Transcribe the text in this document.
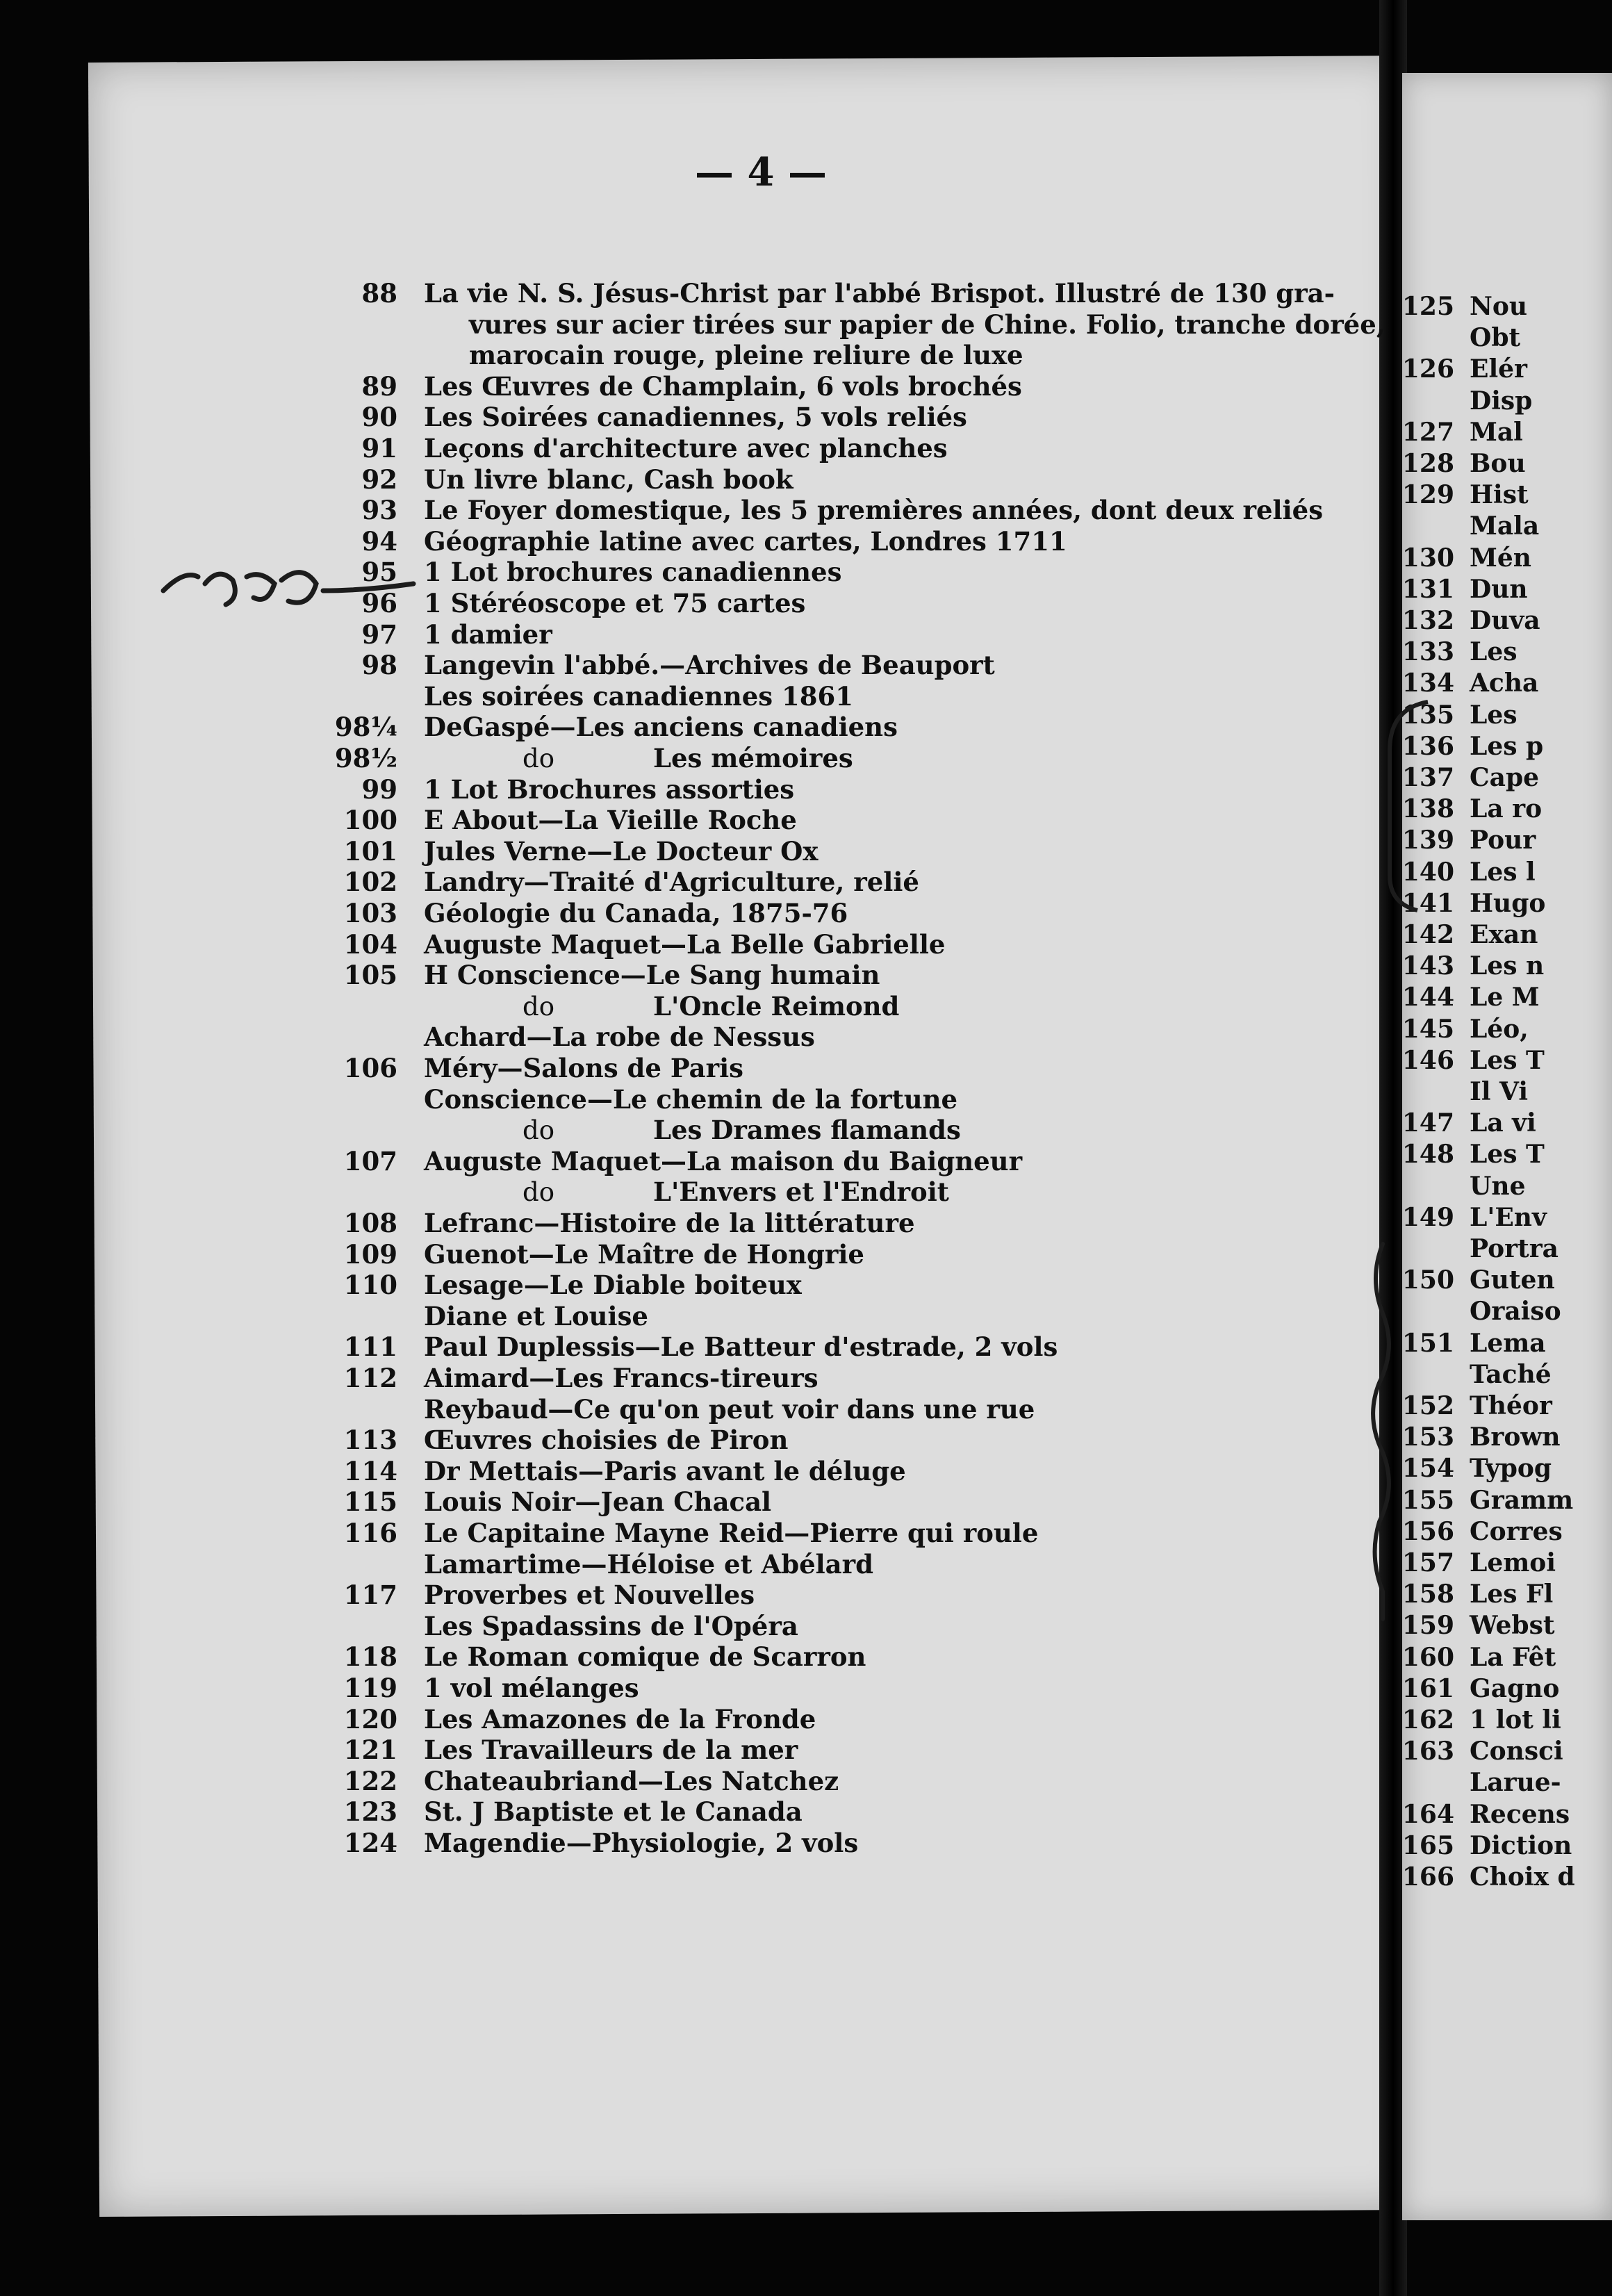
— 4 —
88 La vie N. S. Jésus-Christ par l'abbé Brispot. Illustré de 130 gra-
vures sur acier tirées sur papier de Chine. Folio, tranche dorée,
marocain rouge, pleine reliure de luxe
89 Les Œuvres de Champlain, 6 vols brochés
90 Les Soirées canadiennes, 5 vols reliés
91 Leçons d'architecture avec planches
92 Un livre blanc, Cash book
93 Le Foyer domestique, les 5 premières années, dont deux reliés
94 Géographie latine avec cartes, Londres 1711
95 1 Lot brochures canadiennes
96 1 Stéréoscope et 75 cartes
97 1 damier
98 Langevin l'abbé.—Archives de Beauport
Les soirées canadiennes 1861
98¼ DeGaspé—Les anciens canadiens
98½	do	Les mémoires
99 1 Lot Brochures assorties
100 E About—La Vieille Roche
101 Jules Verne—Le Docteur Ox
102 Landry—Traité d'Agriculture, relié
103 Géologie du Canada, 1875-76
104 Auguste Maquet—La Belle Gabrielle
105 H Conscience—Le Sang humain
do	L'Oncle Reimond
Achard—La robe de Nessus
106 Méry—Salons de Paris
Conscience—Le chemin de la fortune
do	Les Drames flamands
107 Auguste Maquet—La maison du Baigneur
do	L'Envers et l'Endroit
108 Lefranc—Histoire de la littérature
109 Guenot—Le Maître de Hongrie
110 Lesage—Le Diable boiteux
Diane et Louise
111 Paul Duplessis—Le Batteur d'estrade, 2 vols
112 Aimard—Les Francs-tireurs
Reybaud—Ce qu'on peut voir dans une rue
113 Œuvres choisies de Piron
114 Dr Mettais—Paris avant le déluge
115 Louis Noir—Jean Chacal
116 Le Capitaine Mayne Reid—Pierre qui roule
Lamartime—Héloise et Abélard
117 Proverbes et Nouvelles
Les Spadassins de l'Opéra
118 Le Roman comique de Scarron
119 1 vol mélanges
120 Les Amazones de la Fronde
121 Les Travailleurs de la mer
122 Chateaubriand—Les Natchez
123 St. J Baptiste et le Canada
124 Magendie—Physiologie, 2 vols
125 Nou
Obt
126 Elér
Disp
127 Mal
128 Bou
129 Hist
Mala
130 Mén
131 Dun
132 Duva
133 Les
134 Acha
135 Les
136 Les p
137 Cape
138 La ro
139 Pour
140 Les l
141 Hugo
142 Exan
143 Les n
144 Le M
145 Léo,
146 Les T
Il Vi
147 La vi
148 Les T
Une
149 L'Env
Portra
150 Guten
Oraiso
151 Lema
Taché
152 Théor
153 Brown
154 Typog
155 Gramm
156 Corres
157 Lemoi
158 Les Fl
159 Webst
160 La Fêt
161 Gagno
162 1 lot li
163 Consci
Larue-
164 Recens
165 Diction
166 Choix d
